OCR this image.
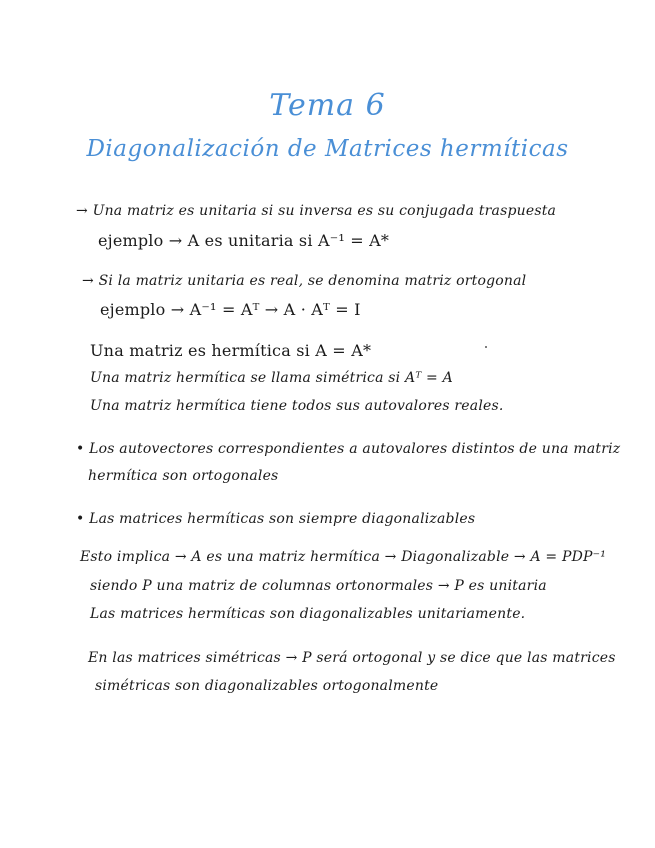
Tema 6
Diagonalización de Matrices hermíticas
→ Una matriz es unitaria si su inversa es su conjugada traspuesta
ejemplo → A es unitaria si A⁻¹ = A*
→ Si la matriz unitaria es real, se denomina matriz ortogonal
ejemplo → A⁻¹ = Aᵀ → A · Aᵀ = I
Una matriz es hermítica si A = A*
Una matriz hermítica se llama simétrica si Aᵀ = A
Una matriz hermítica tiene todos sus autovalores reales.
• Los autovectores correspondientes a autovalores distintos de una matriz
hermítica son ortogonales
• Las matrices hermíticas son siempre diagonalizables
Esto implica → A es una matriz hermítica → Diagonalizable → A = PDP⁻¹
siendo P una matriz de columnas ortonormales → P es unitaria
Las matrices hermíticas son diagonalizables unitariamente.
En las matrices simétricas → P será ortogonal y se dice que las matrices
simétricas son diagonalizables ortogonalmente
